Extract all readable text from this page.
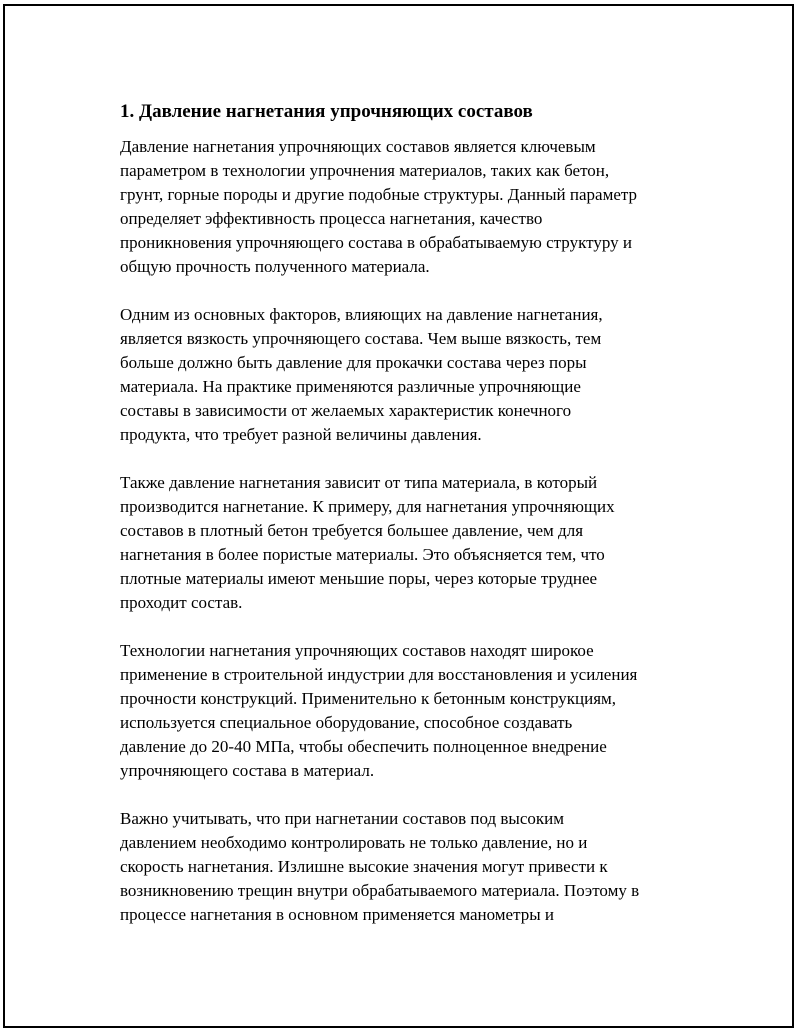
1. Давление нагнетания упрочняющих составов

Давление нагнетания упрочняющих составов является ключевым
параметром в технологии упрочнения материалов, таких как бетон,
грунт, горные породы и другие подобные структуры. Данный параметр
определяет эффективность процесса нагнетания, качество
проникновения упрочняющего состава в обрабатываемую структуру и
общую прочность полученного материала.

Одним из основных факторов, влияющих на давление нагнетания,
является вязкость упрочняющего состава. Чем выше вязкость, тем
больше должно быть давление для прокачки состава через поры
материала. На практике применяются различные упрочняющие
составы в зависимости от желаемых характеристик конечного
продукта, что требует разной величины давления.

Также давление нагнетания зависит от типа материала, в который
производится нагнетание. К примеру, для нагнетания упрочняющих
составов в плотный бетон требуется большее давление, чем для
нагнетания в более пористые материалы. Это объясняется тем, что
плотные материалы имеют меньшие поры, через которые труднее
проходит состав.

Технологии нагнетания упрочняющих составов находят широкое
применение в строительной индустрии для восстановления и усиления
прочности конструкций. Применительно к бетонным конструкциям,
используется специальное оборудование, способное создавать
давление до 20-40 МПа, чтобы обеспечить полноценное внедрение
упрочняющего состава в материал.

Важно учитывать, что при нагнетании составов под высоким
давлением необходимо контролировать не только давление, но и
скорость нагнетания. Излишне высокие значения могут привести к
возникновению трещин внутри обрабатываемого материала. Поэтому в
процессе нагнетания в основном применяется манометры и
